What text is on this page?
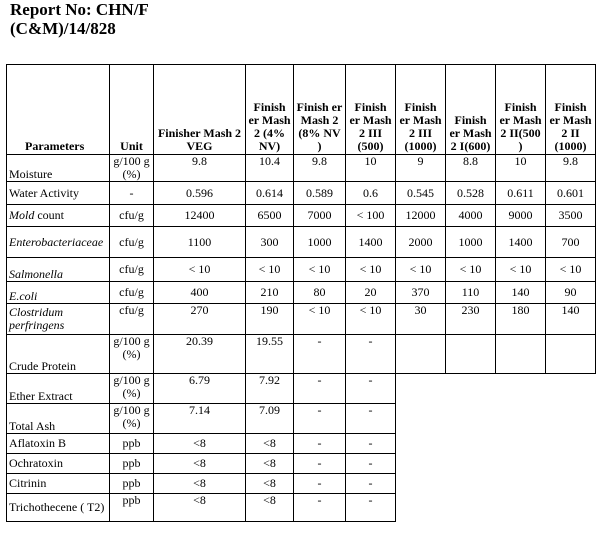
Report No: CHN/F (C&M)/14/828
Parameters	Unit	Finisher Mash 2 VEG	Finish er Mash 2 (4% NV)	Finish er Mash 2 (8% NV )	Finish er Mash 2 III (500)	Finish er Mash 2 III (1000)	Finish er Mash 2 I(600)	Finish er Mash 2 II(500 )	Finish er Mash 2 II (1000)
Moisture	g/100 g (%)	9.8	10.4	9.8	10	9	8.8	10	9.8
Water Activity	-	0.596	0.614	0.589	0.6	0.545	0.528	0.611	0.601
Mold count	cfu/g	12400	6500	7000	< 100	12000	4000	9000	3500

Enterobacteriaceae	cfu/g	1100	300	1000	1400	2000	1000	1400	700
Salmonella	cfu/g	< 10	< 10	< 10	< 10	< 10	< 10	< 10	< 10
E.coli	cfu/g	400	210	80	20	370	110	140	90
Clostridum perfringens	cfu/g	270	190	< 10	< 10	30	230	180	140
Crude Protein	g/100 g (%)	20.39	19.55	-	-				
Ether Extract	g/100 g (%)	6.79	7.92	-	-				
Total Ash	g/100 g (%)	7.14	7.09	-	-				
Aflatoxin B	ppb	<8	<8	-	-				
Ochratoxin	ppb	<8	<8	-	-				
Citrinin	ppb	<8	<8	-	-				
Trichothecene ( T2)	ppb	<8	<8	-	-				
